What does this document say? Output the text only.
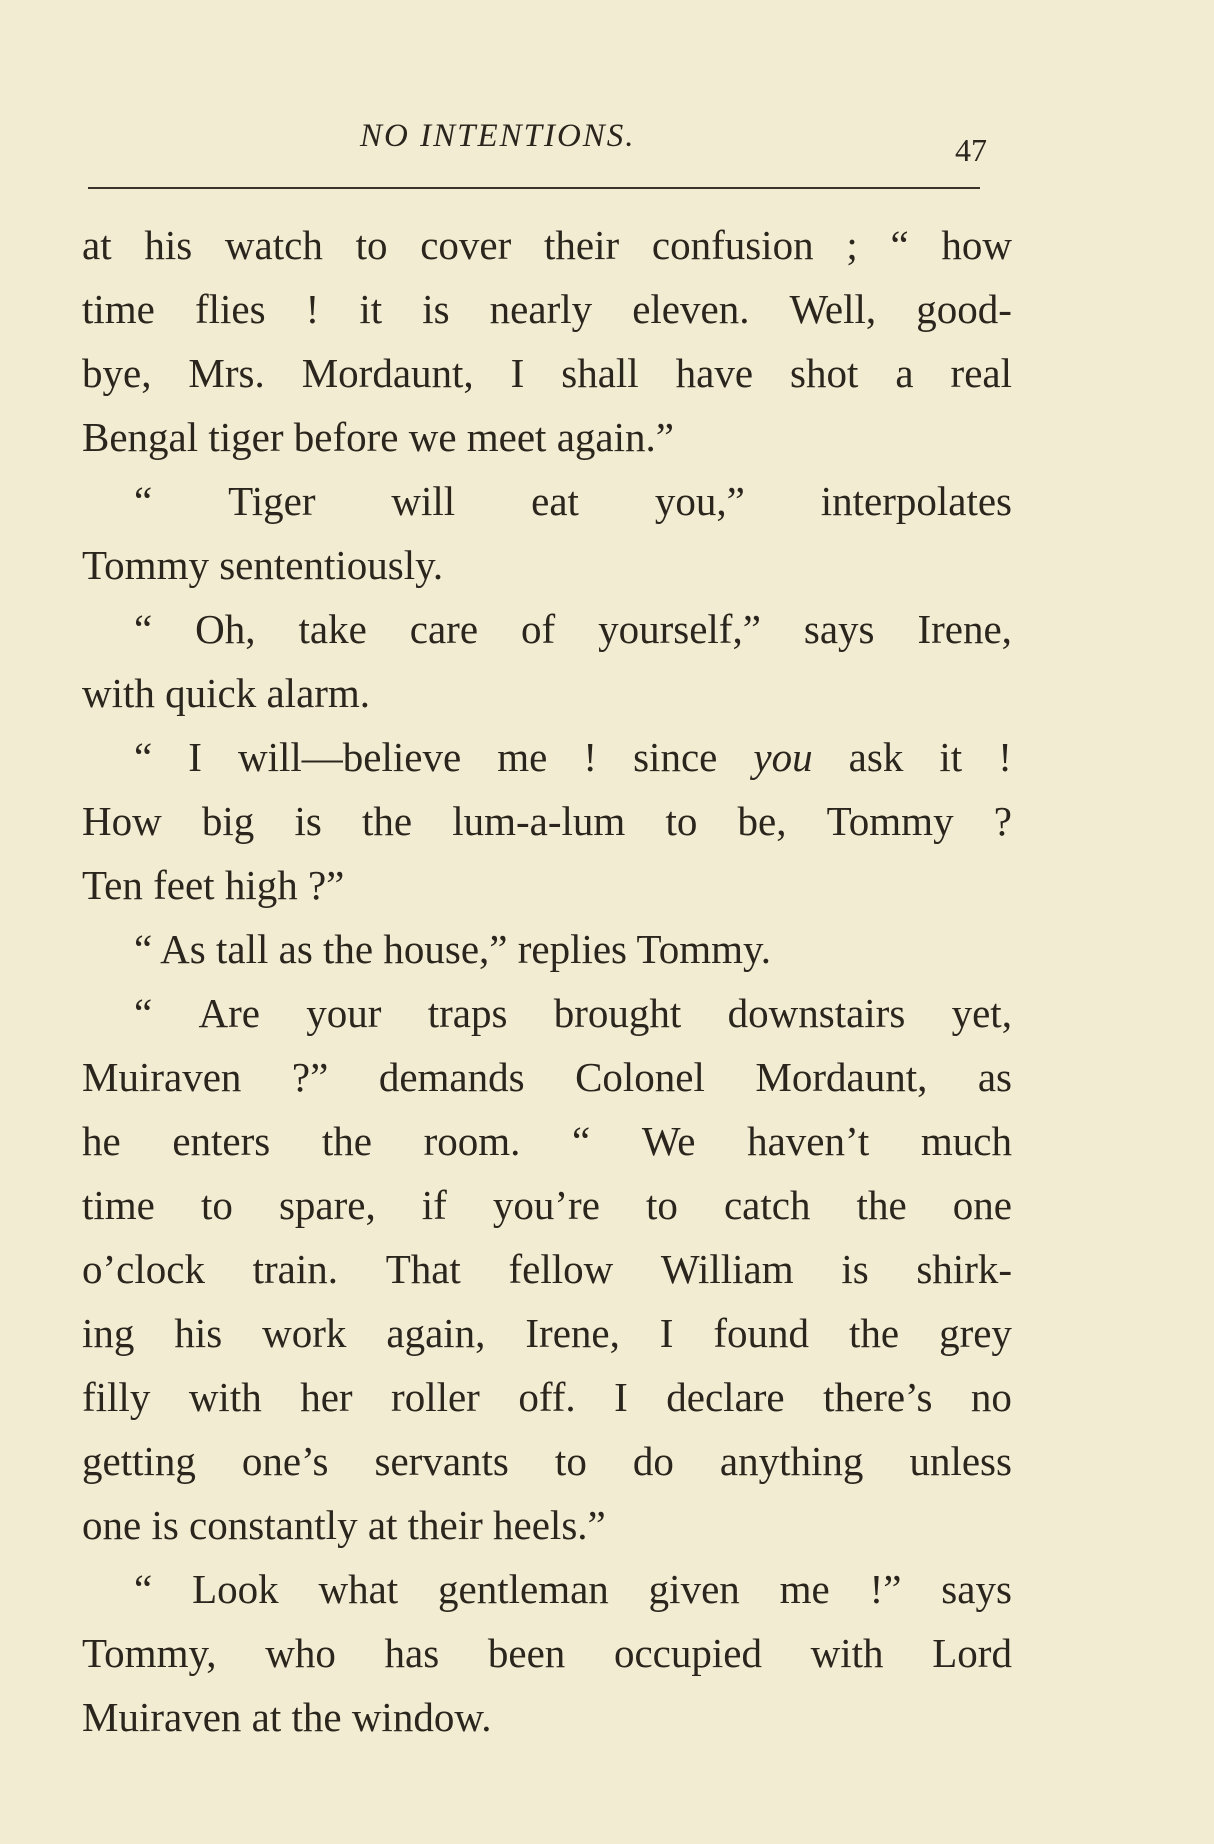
NO INTENTIONS.	47
at his watch to cover their confusion ; “ how
time flies ! it is nearly eleven. Well, good-
bye, Mrs. Mordaunt, I shall have shot a real
Bengal tiger before we meet again.”
“ Tiger will eat you,” interpolates
Tommy sententiously.
“ Oh, take care of yourself,” says Irene,
with quick alarm.
“ I will—believe me ! since you ask it !
How big is the lum-a-lum to be, Tommy ?
Ten feet high ?”
“ As tall as the house,” replies Tommy.
“ Are your traps brought downstairs yet,
Muiraven ?” demands Colonel Mordaunt, as
he enters the room. “ We haven’t much
time to spare, if you’re to catch the one
o’clock train. That fellow William is shirk-
ing his work again, Irene, I found the grey
filly with her roller off. I declare there’s no
getting one’s servants to do anything unless
one is constantly at their heels.”
“ Look what gentleman given me !” says
Tommy, who has been occupied with Lord
Muiraven at the window.
